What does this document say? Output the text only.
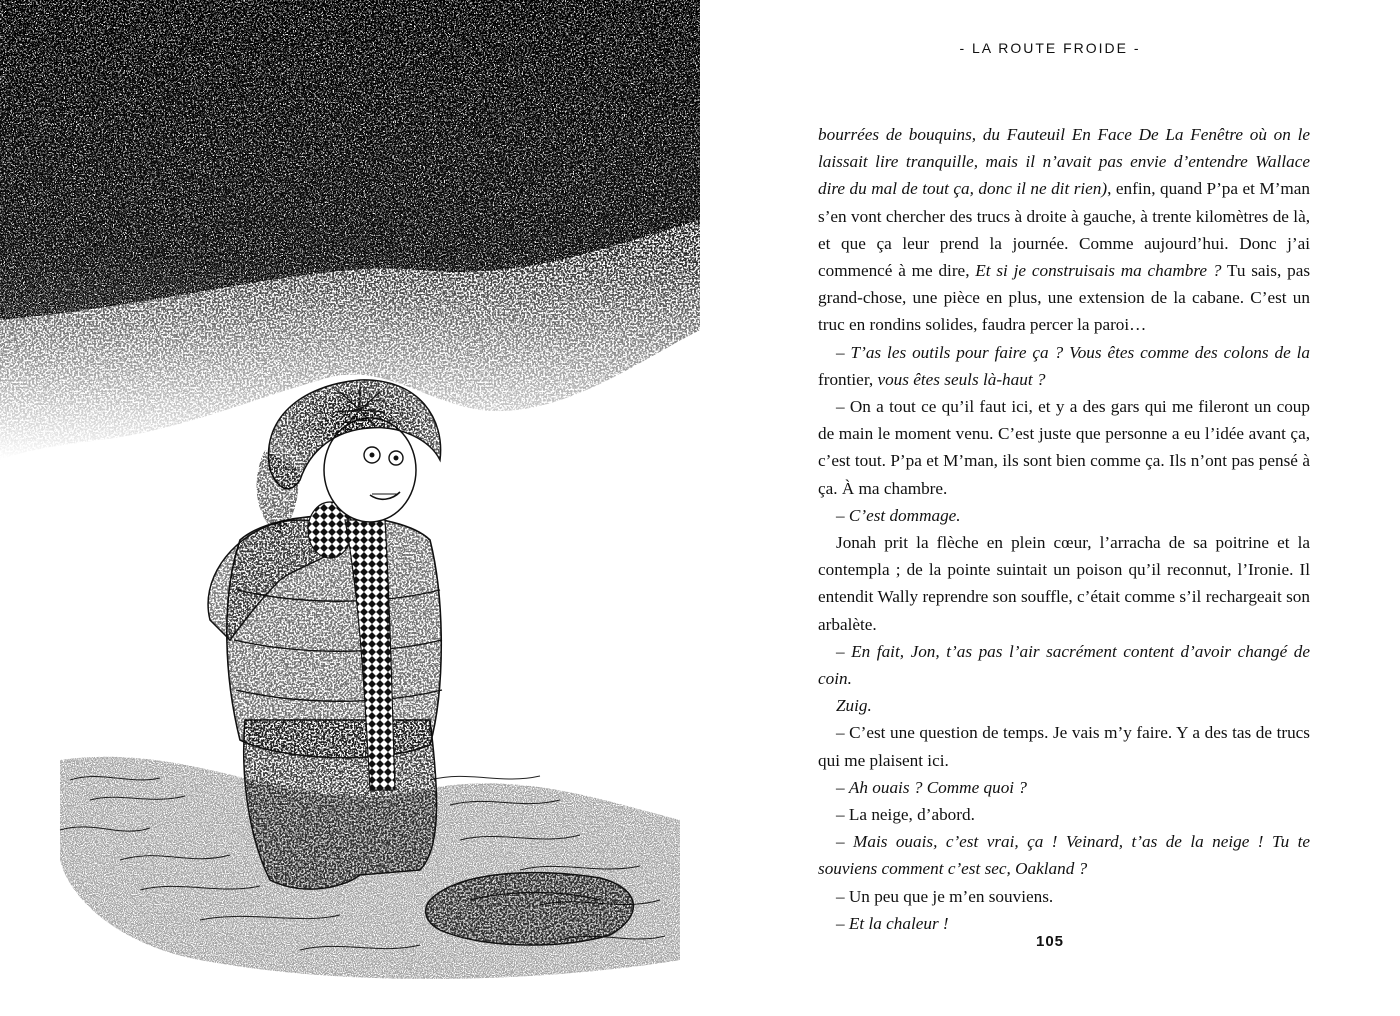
- LA ROUTE FROIDE -

bourrées de bouquins, du Fauteuil En Face De La Fenêtre où on le laissait lire tranquille, mais il n’avait pas envie d’entendre Wallace dire du mal de tout ça, donc il ne dit rien), enfin, quand P’pa et M’man s’en vont chercher des trucs à droite à gauche, à trente kilomètres de là, et que ça leur prend la journée. Comme aujourd’hui. Donc j’ai commencé à me dire, Et si je construisais ma chambre ? Tu sais, pas grand-chose, une pièce en plus, une extension de la cabane. C’est un truc en rondins solides, faudra percer la paroi…

– T’as les outils pour faire ça ? Vous êtes comme des colons de la frontier, vous êtes seuls là-haut ?

– On a tout ce qu’il faut ici, et y a des gars qui me fileront un coup de main le moment venu. C’est juste que personne a eu l’idée avant ça, c’est tout. P’pa et M’man, ils sont bien comme ça. Ils n’ont pas pensé à ça. À ma chambre.

– C’est dommage.

Jonah prit la flèche en plein cœur, l’arracha de sa poitrine et la contempla ; de la pointe suintait un poison qu’il reconnut, l’Ironie. Il entendit Wally reprendre son souffle, c’était comme s’il rechargeait son arbalète.

– En fait, Jon, t’as pas l’air sacrément content d’avoir changé de coin.

Zuig.

– C’est une question de temps. Je vais m’y faire. Y a des tas de trucs qui me plaisent ici.

– Ah ouais ? Comme quoi ?

– La neige, d’abord.

– Mais ouais, c’est vrai, ça ! Veinard, t’as de la neige ! Tu te souviens comment c’est sec, Oakland ?

– Un peu que je m’en souviens.

– Et la chaleur !

105
